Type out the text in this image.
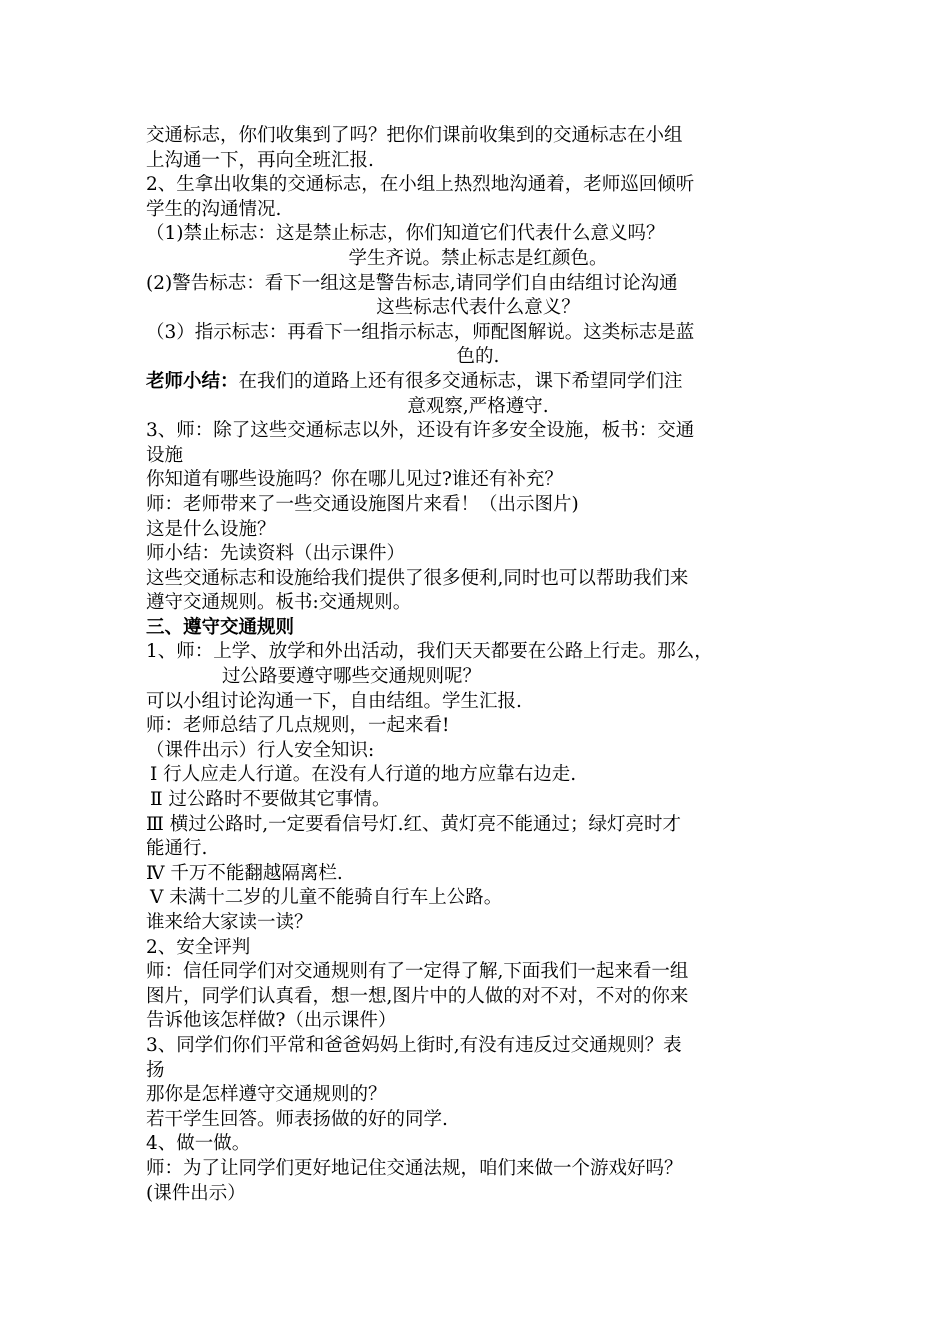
交通标志，你们收集到了吗？把你们课前收集到的交通标志在小组
上沟通一下，再向全班汇报.
2、生拿出收集的交通标志，在小组上热烈地沟通着，老师巡回倾听
学生的沟通情况.
（1)禁止标志：这是禁止标志，你们知道它们代表什么意义吗？
学生齐说。禁止标志是红颜色。
(2)警告标志：看下一组这是警告标志,请同学们自由结组讨论沟通
这些标志代表什么意义？
（3）指示标志：再看下一组指示标志，师配图解说。这类标志是蓝
色的.
老师小结：在我们的道路上还有很多交通标志，课下希望同学们注
意观察,严格遵守.
3、师：除了这些交通标志以外，还设有许多安全设施，板书：交通
设施
你知道有哪些设施吗？你在哪儿见过?谁还有补充？
师：老师带来了一些交通设施图片来看！（出示图片)
这是什么设施？
师小结：先读资料（出示课件）
这些交通标志和设施给我们提供了很多便利,同时也可以帮助我们来
遵守交通规则。板书:交通规则。
三、遵守交通规则
1、师：上学、放学和外出活动，我们天天都要在公路上行走。那么，
过公路要遵守哪些交通规则呢？
可以小组讨论沟通一下，自由结组。学生汇报.
师：老师总结了几点规则，一起来看!
（课件出示）行人安全知识:
Ⅰ 行人应走人行道。在没有人行道的地方应靠右边走.
Ⅱ 过公路时不要做其它事情。
Ⅲ 横过公路时,一定要看信号灯.红、黄灯亮不能通过；绿灯亮时才
能通行.
Ⅳ 千万不能翻越隔离栏.
Ⅴ 未满十二岁的儿童不能骑自行车上公路。
谁来给大家读一读？
2、安全评判
师：信任同学们对交通规则有了一定得了解,下面我们一起来看一组
图片，同学们认真看，想一想,图片中的人做的对不对，不对的你来
告诉他该怎样做?（出示课件）
3、同学们你们平常和爸爸妈妈上街时,有没有违反过交通规则？表
扬
那你是怎样遵守交通规则的？
若干学生回答。师表扬做的好的同学.
4、做一做。
师：为了让同学们更好地记住交通法规，咱们来做一个游戏好吗？
(课件出示）
